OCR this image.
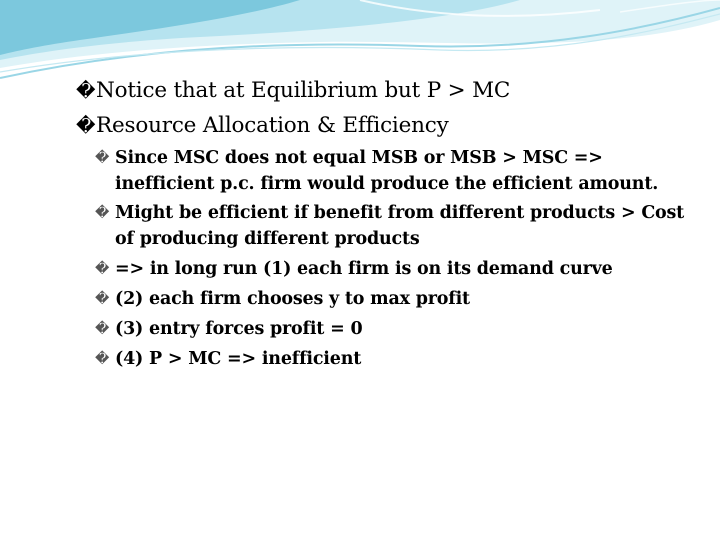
�Notice that at Equilibrium but P > MC
�Resource Allocation & Efficiency
� Since MSC does not equal MSB or MSB > MSC => inefficient p.c. firm would produce the efficient amount.
� Might be efficient if benefit from different products > Cost of producing different products
� => in long run (1) each firm is on its demand curve
� (2) each firm chooses y to max profit
� (3) entry forces profit = 0
� (4) P > MC => inefficient
